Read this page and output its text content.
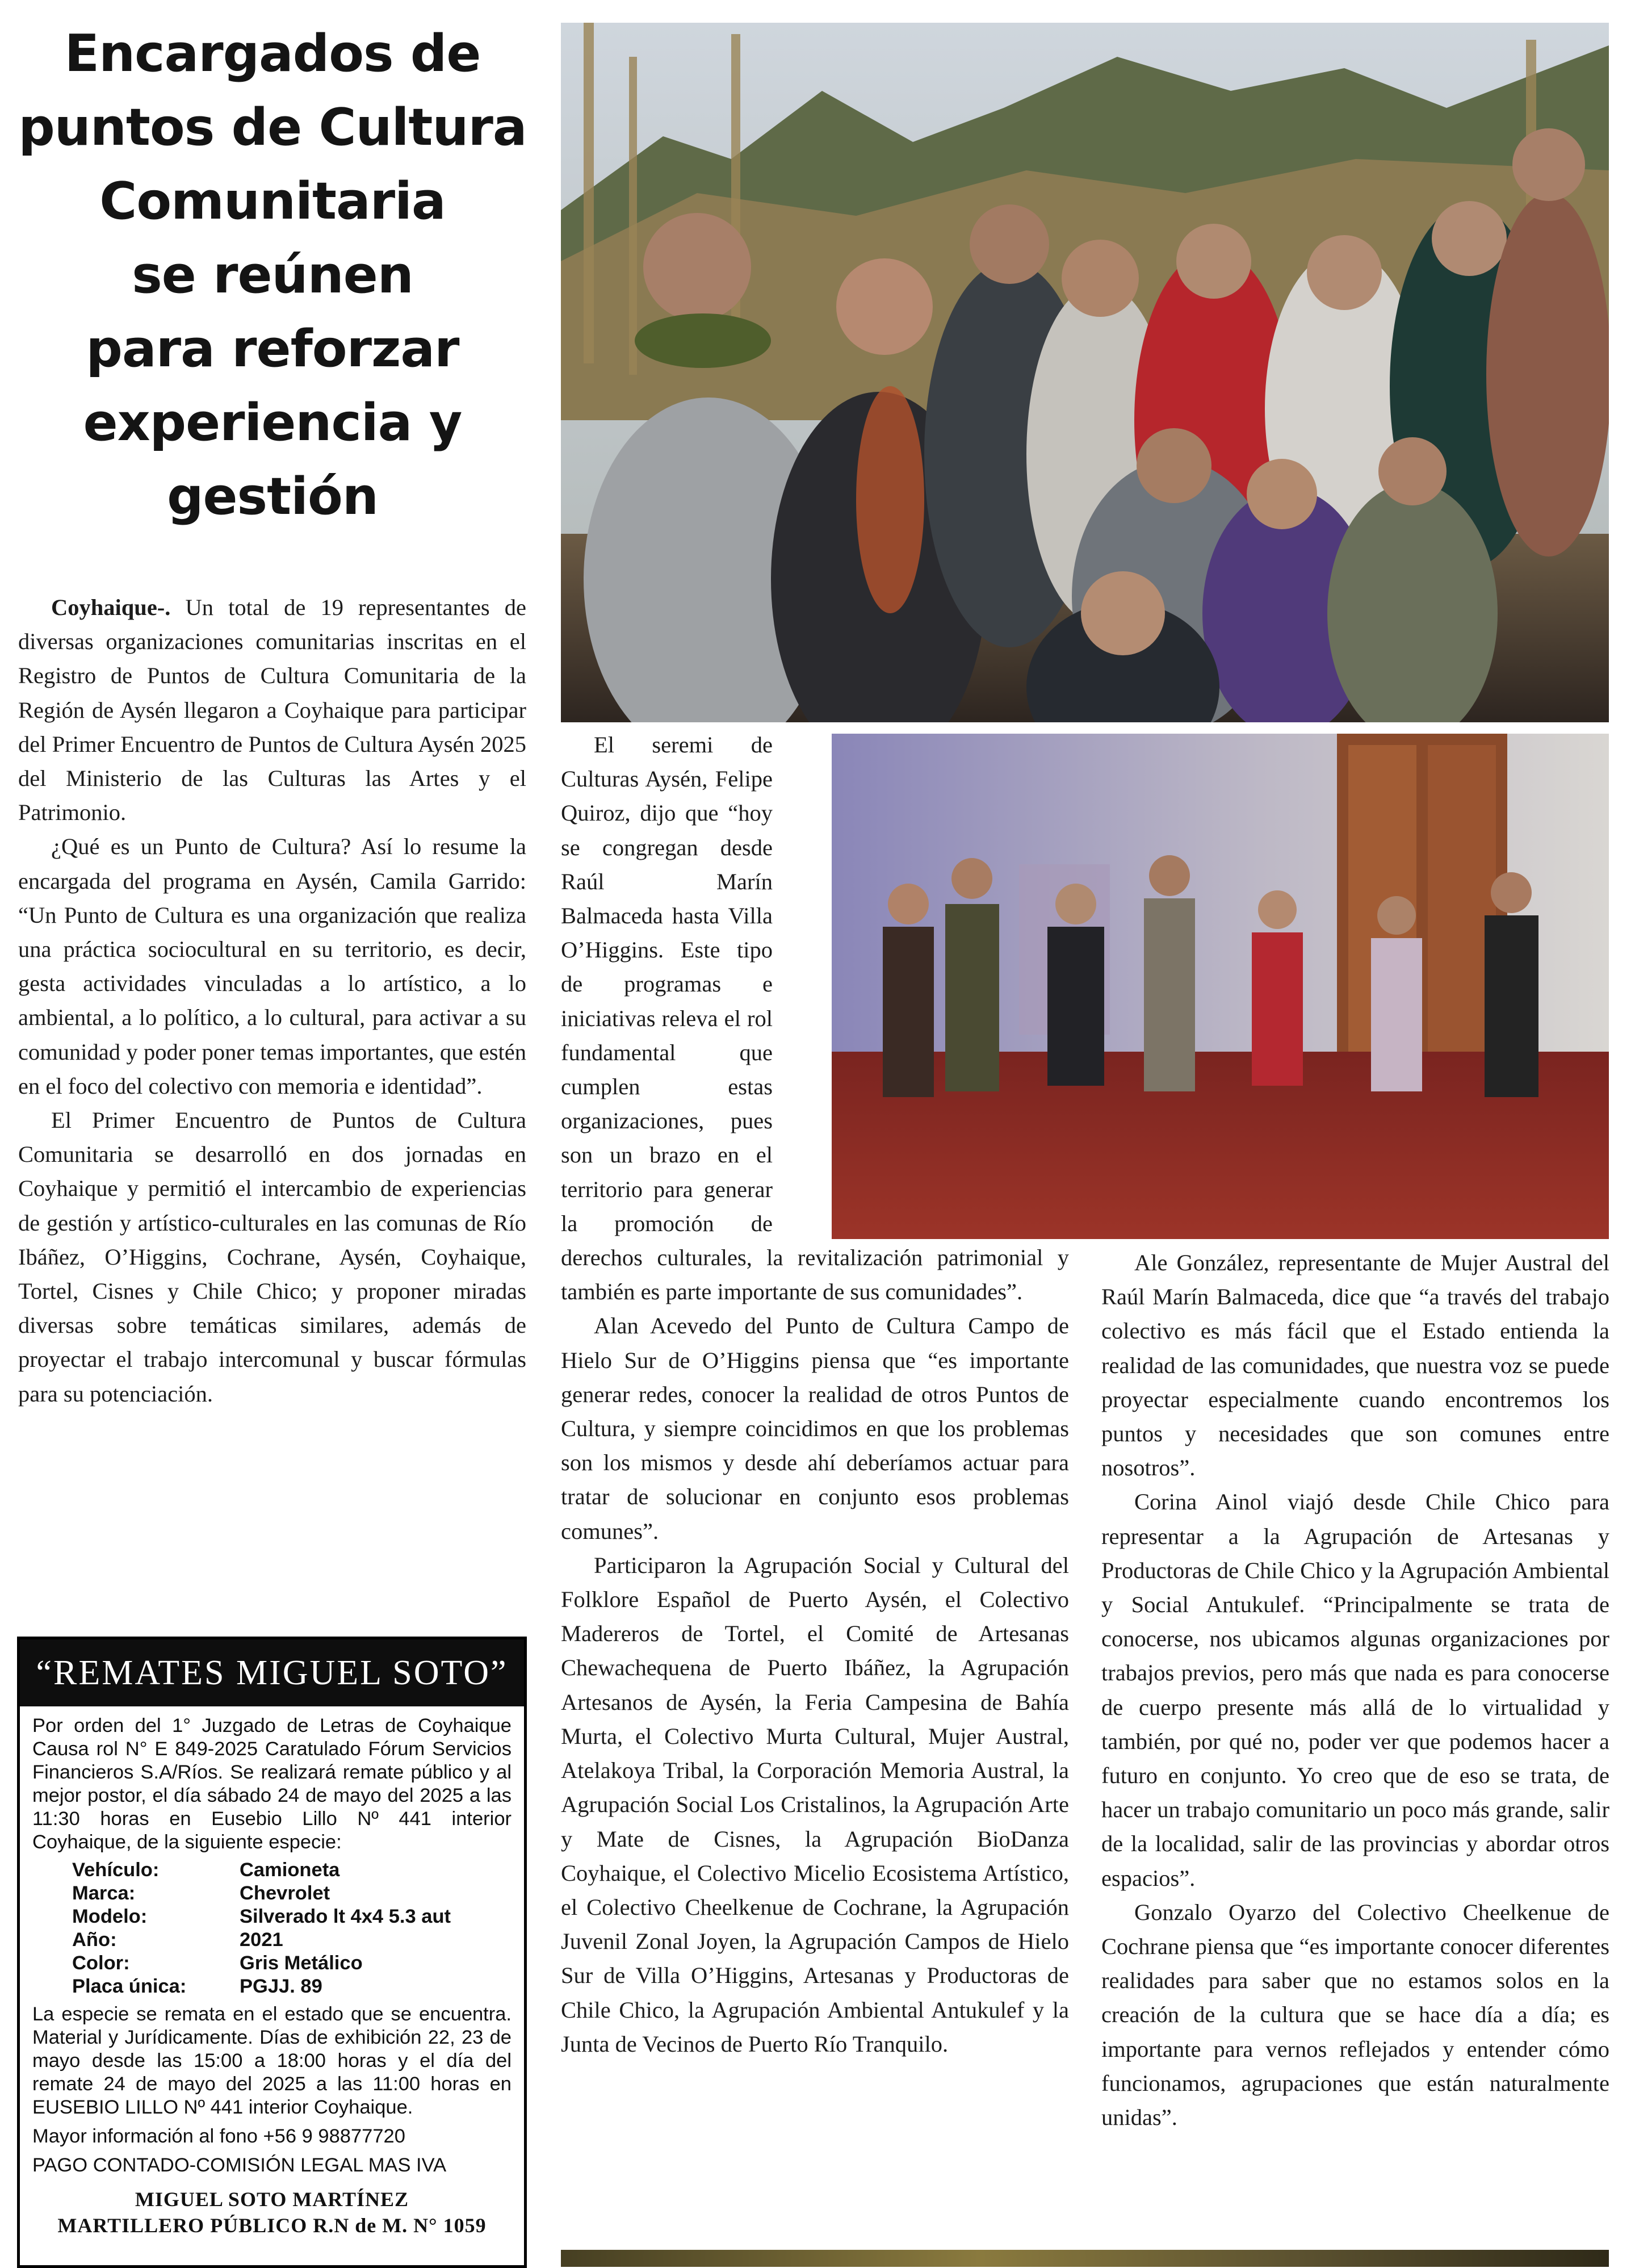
Encargados de
puntos de Cultura
Comunitaria
se reúnen
para reforzar
experiencia y
gestión

Coyhaique-. Un total de 19 representantes de diversas organizaciones comunitarias inscritas en el Registro de Puntos de Cultura Comunitaria de la Región de Aysén llegaron a Coyhaique para participar del Primer Encuentro de Puntos de Cultura Aysén 2025 del Ministerio de las Culturas las Artes y el Patrimonio.

¿Qué es un Punto de Cultura? Así lo resume la encargada del programa en Aysén, Camila Garrido: “Un Punto de Cultura es una organización que realiza una práctica sociocultural en su territorio, es decir, gesta actividades vinculadas a lo artístico, a lo ambiental, a lo político, a lo cultural, para activar a su comunidad y poder poner temas importantes, que estén en el foco del colectivo con memoria e identidad”.

El Primer Encuentro de Puntos de Cultura Comunitaria se desarrolló en dos jornadas en Coyhaique y permitió el intercambio de experiencias de gestión y artístico-culturales en las comunas de Río Ibáñez, O’Higgins, Cochrane, Aysén, Coyhaique, Tortel, Cisnes y Chile Chico; y proponer miradas diversas sobre temáticas similares, además de proyectar el trabajo intercomunal y buscar fórmulas para su potenciación.

El seremi de Culturas Aysén, Felipe Quiroz, dijo que “hoy se congregan desde Raúl Marín Balmaceda hasta Villa O’Higgins. Este tipo de programas e iniciativas releva el rol fundamental que cumplen estas organizaciones, pues son un brazo en el territorio para generar la promoción de derechos culturales, la revitalización patrimonial y también es parte importante de sus comunidades”.

Alan Acevedo del Punto de Cultura Campo de Hielo Sur de O’Higgins piensa que “es importante generar redes, conocer la realidad de otros Puntos de Cultura, y siempre coincidimos en que los problemas son los mismos y desde ahí deberíamos actuar para tratar de solucionar en conjunto esos problemas comunes”.

Participaron la Agrupación Social y Cultural del Folklore Español de Puerto Aysén, el Colectivo Madereros de Tortel, el Comité de Artesanas Chewachequena de Puerto Ibáñez, la Agrupación Artesanos de Aysén, la Feria Campesina de Bahía Murta, el Colectivo Murta Cultural, Mujer Austral, Atelakoya Tribal, la Corporación Memoria Austral, la Agrupación Social Los Cristalinos, la Agrupación Arte y Mate de Cisnes, la Agrupación BioDanza Coyhaique, el Colectivo Micelio Ecosistema Artístico, el Colectivo Cheelkenue de Cochrane, la Agrupación Juvenil Zonal Joyen, la Agrupación Campos de Hielo Sur de Villa O’Higgins, Artesanas y Productoras de Chile Chico, la Agrupación Ambiental Antukulef y la Junta de Vecinos de Puerto Río Tranquilo.

Ale González, representante de Mujer Austral del Raúl Marín Balmaceda, dice que “a través del trabajo colectivo es más fácil que el Estado entienda la realidad de las comunidades, que nuestra voz se puede proyectar especialmente cuando encontremos los puntos y necesidades que son comunes entre nosotros”.

Corina Ainol viajó desde Chile Chico para representar a la Agrupación de Artesanas y Productoras de Chile Chico y la Agrupación Ambiental y Social Antukulef. “Principalmente se trata de conocerse, nos ubicamos algunas organizaciones por trabajos previos, pero más que nada es para conocerse de cuerpo presente más allá de lo virtualidad y también, por qué no, poder ver que podemos hacer a futuro en conjunto. Yo creo que de eso se trata, de hacer un trabajo comunitario un poco más grande, salir de la localidad, salir de las provincias y abordar otros espacios”.

Gonzalo Oyarzo del Colectivo Cheelkenue de Cochrane piensa que “es importante conocer diferentes realidades para saber que no estamos solos en la creación de la cultura que se hace día a día; es importante para vernos reflejados y entender cómo funcionamos, agrupaciones que están naturalmente unidas”.

“REMATES MIGUEL SOTO”

Por orden del 1° Juzgado de Letras de Coyhaique Causa rol N° E 849-2025 Caratulado Fórum Servicios Financieros S.A/Ríos. Se realizará remate público y al mejor postor, el día sábado 24 de mayo del 2025 a las 11:30 horas en Eusebio Lillo Nº 441 interior Coyhaique, de la siguiente especie:

Vehículo:	Camioneta
Marca:	Chevrolet
Modelo:	Silverado lt 4x4 5.3 aut
Año:	2021
Color:	Gris Metálico
Placa única:	PGJJ. 89

La especie se remata en el estado que se encuentra. Material y Jurídicamente. Días de exhibición 22, 23 de mayo desde las 15:00 a 18:00 horas y el día del remate 24 de mayo del 2025 a las 11:00 horas en EUSEBIO LILLO Nº 441 interior Coyhaique.

Mayor información al fono +56 9 98877720

PAGO CONTADO-COMISIÓN LEGAL MAS IVA

MIGUEL SOTO MARTÍNEZ
MARTILLERO PÚBLICO R.N de M. N° 1059
